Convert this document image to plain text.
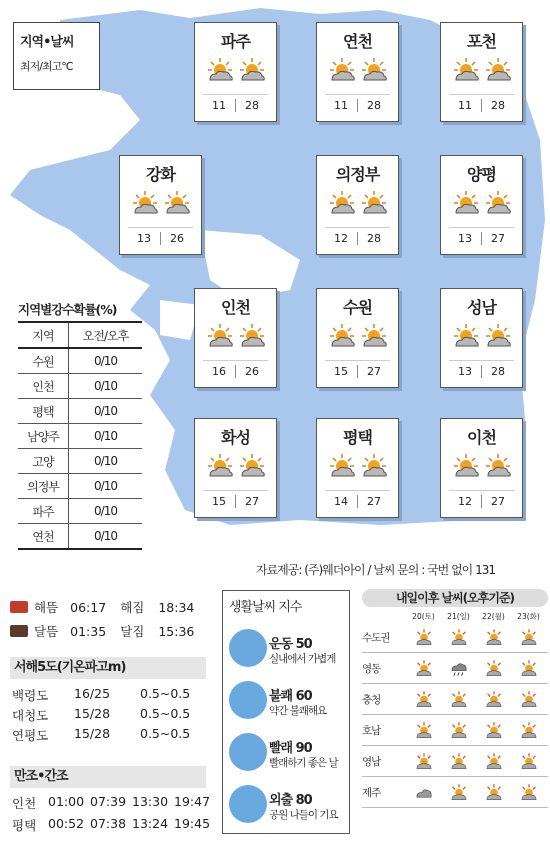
지역•날씨
최저/최고℃
파주
11	28
연천
11	28
포천
11	28
강화
13	26
의정부
12	28
양평
13	27
인천
16	26
수원
15	27
성남
13	28
화성
15	27
평택
14	27
이천
12	27
지역별강수확률(%)
지역	오전/오후
수원	0/10
인천	0/10
평택	0/10
남양주	0/10
고양	0/10
의정부	0/10
파주	0/10
연천	0/10
자료제공: (주)웨더아이 / 날씨 문의 : 국번 없이 131
해뜸 06:17 해짐 18:34
달뜸 01:35 달짐 15:36
서해5도(기온파고m)
백령도	16/25	0.5~0.5
대청도	15/28	0.5~0.5
연평도	15/28	0.5~0.5
만조•간조
인천 01:00 07:39 13:30 19:47
평택 00:52 07:38 13:24 19:45
생활날씨 지수
운동 50
실내에서 가볍게
불쾌 60
약간 불쾌해요
빨래 90
빨래하기 좋은 날
외출 80
공원 나들이 기요
내일이후 날씨(오후기준)
20(토)	21(일)	22(월)	23(화)
수도권
영동
충청
호남
영남
제주
